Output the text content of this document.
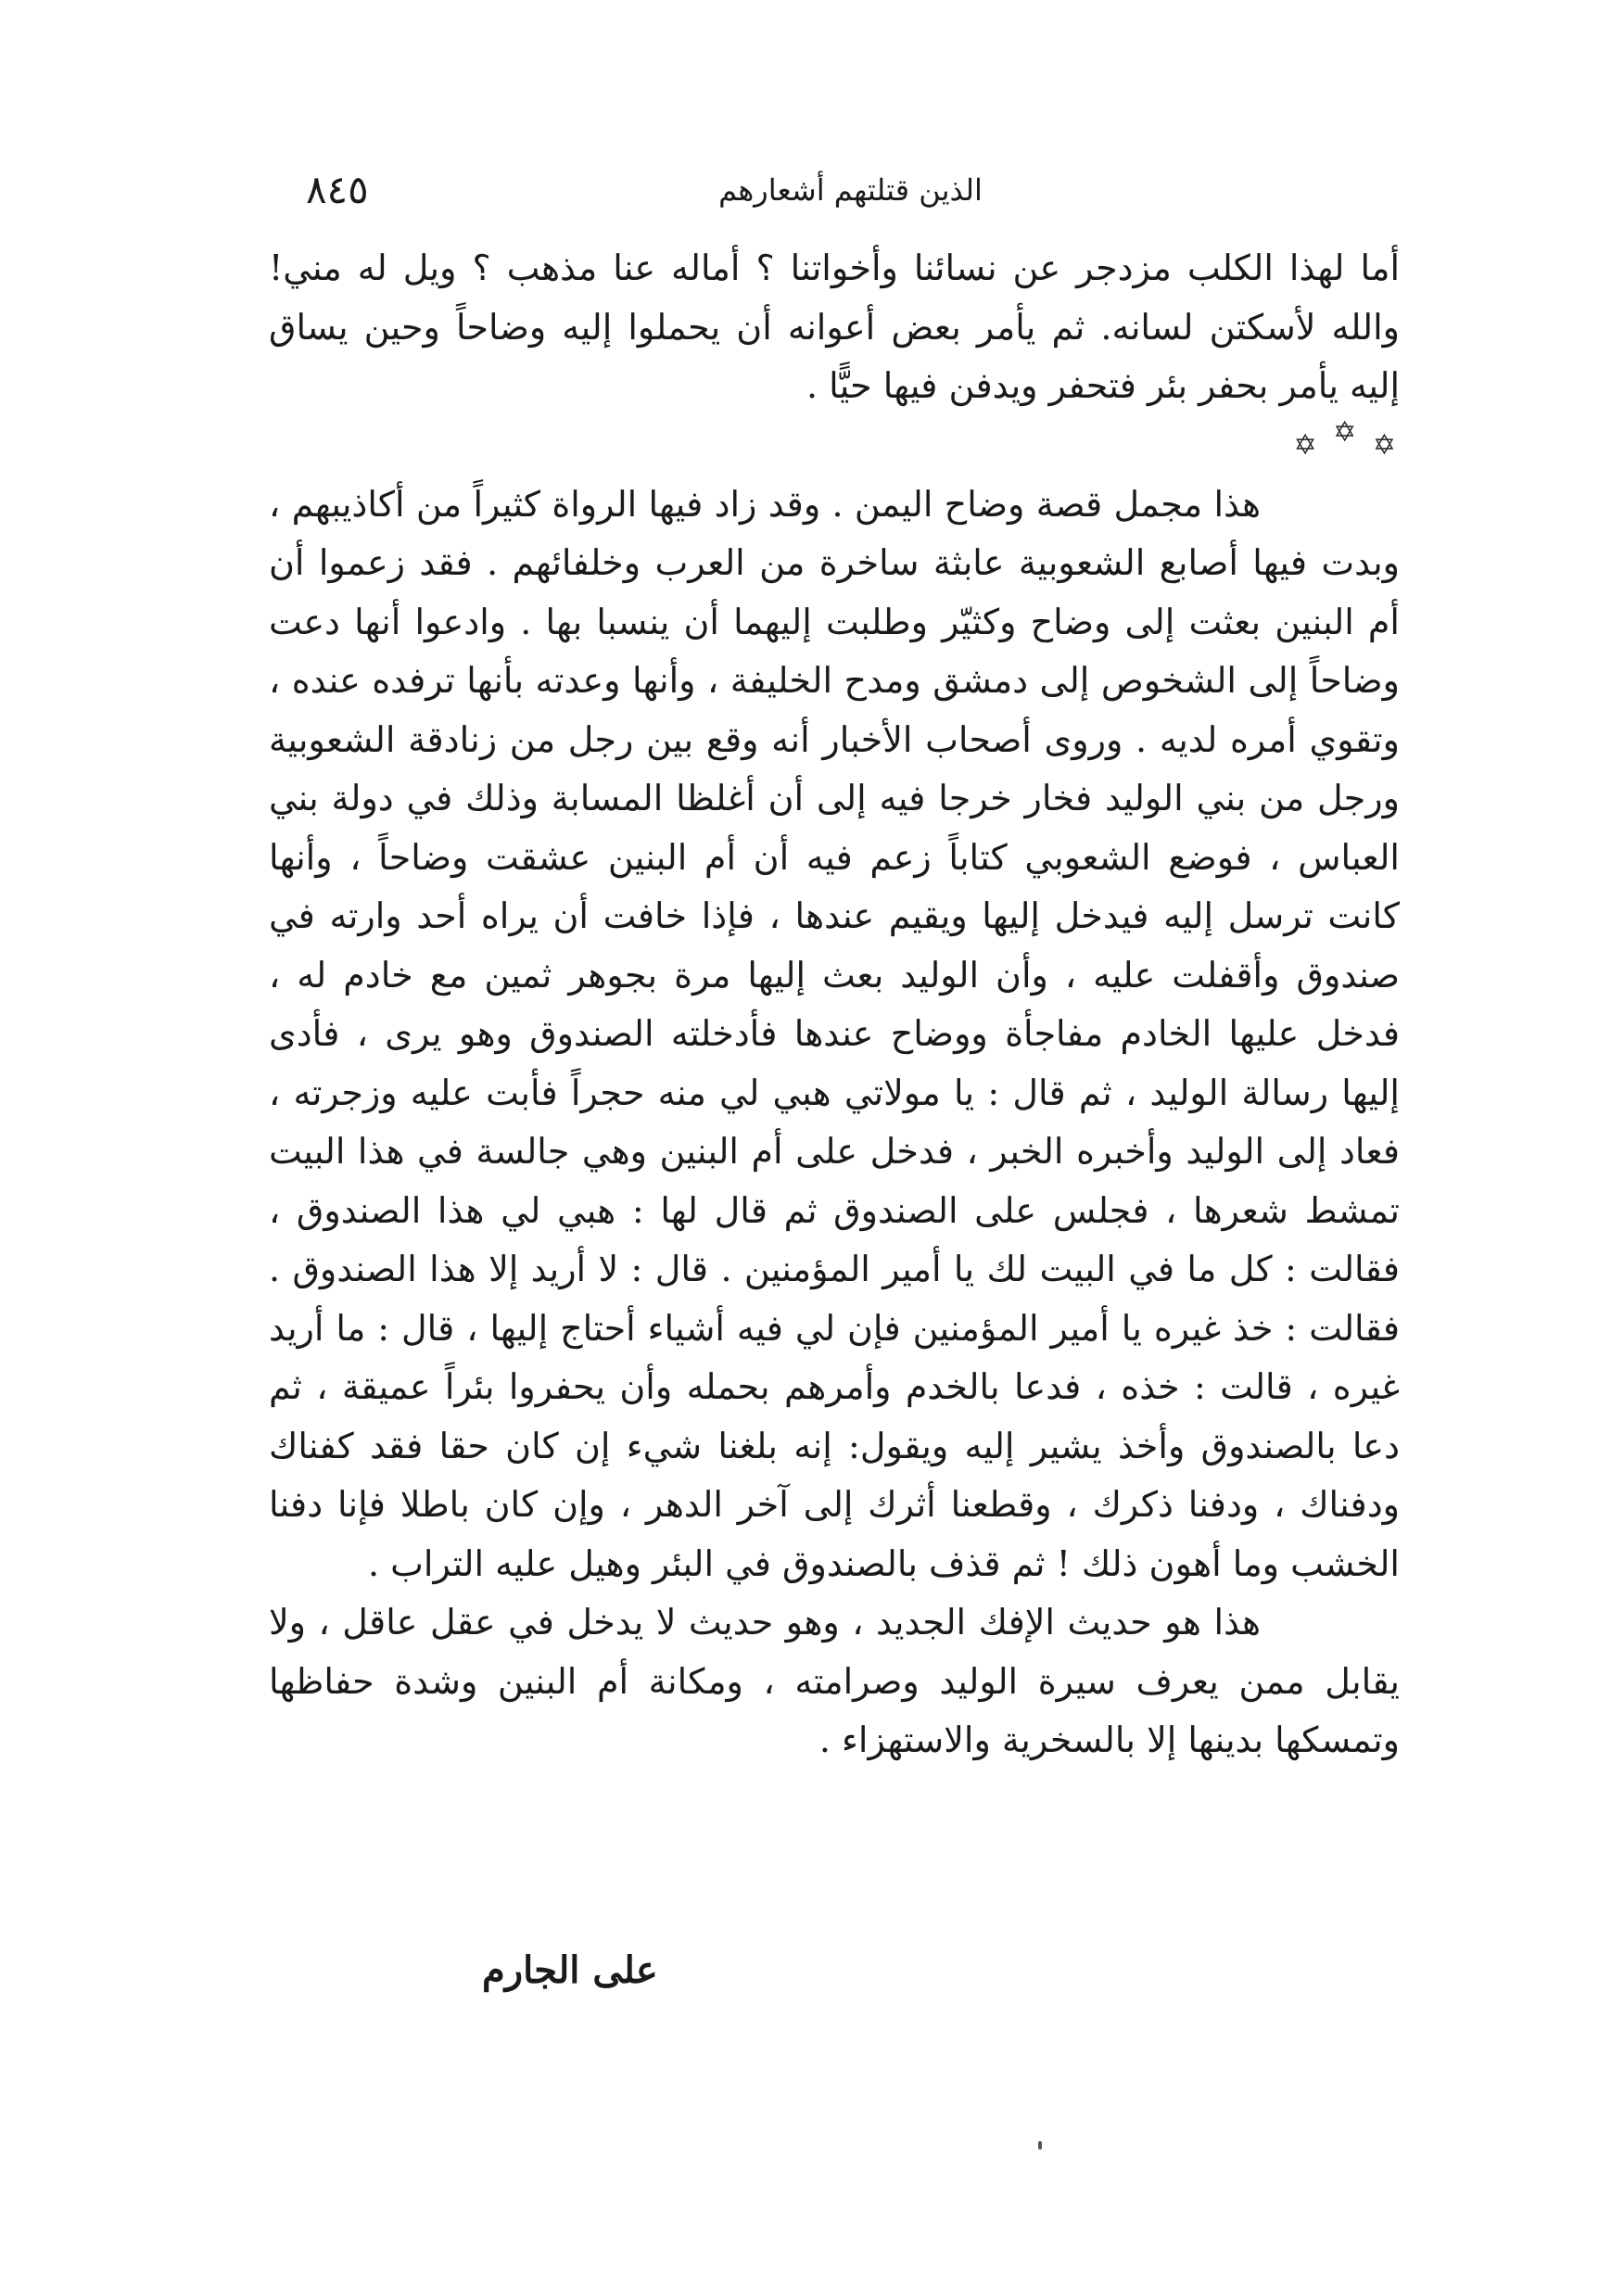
٨٤٥	الذين قتلتهم أشعارهم

أما لهذا الكلب مزدجر عن نسائنا وأخواتنا ؟ أماله عنا مذهب ؟ ويل له مني! والله لأسكتن لسانه. ثم يأمر بعض أعوانه أن يحملوا إليه وضاحاً وحين يساق إليه يأمر بحفر بئر فتحفر ويدفن فيها حيًّا .

✡ ✡ ✡

هذا مجمل قصة وضاح اليمن . وقد زاد فيها الرواة كثيراً من أكاذيبهم ، وبدت فيها أصابع الشعوبية عابثة ساخرة من العرب وخلفائهم . فقد زعموا أن أم البنين بعثت إلى وضاح وكثيّر وطلبت إليهما أن ينسبا بها . وادعوا أنها دعت وضاحاً إلى الشخوص إلى دمشق ومدح الخليفة ، وأنها وعدته بأنها ترفده عنده ، وتقوي أمره لديه . وروى أصحاب الأخبار أنه وقع بين رجل من زنادقة الشعوبية ورجل من بني الوليد فخار خرجا فيه إلى أن أغلظا المسابة وذلك في دولة بني العباس ، فوضع الشعوبي كتاباً زعم فيه أن أم البنين عشقت وضاحاً ، وأنها كانت ترسل إليه فيدخل إليها ويقيم عندها ، فإذا خافت أن يراه أحد وارته في صندوق وأقفلت عليه ، وأن الوليد بعث إليها مرة بجوهر ثمين مع خادم له ، فدخل عليها الخادم مفاجأة ووضاح عندها فأدخلته الصندوق وهو يرى ، فأدى إليها رسالة الوليد ، ثم قال : يا مولاتي هبي لي منه حجراً فأبت عليه وزجرته ، فعاد إلى الوليد وأخبره الخبر ، فدخل على أم البنين وهي جالسة في هذا البيت تمشط شعرها ، فجلس على الصندوق ثم قال لها : هبي لي هذا الصندوق ، فقالت : كل ما في البيت لك يا أمير المؤمنين . قال : لا أريد إلا هذا الصندوق . فقالت : خذ غيره يا أمير المؤمنين فإن لي فيه أشياء أحتاج إليها ، قال : ما أريد غيره ، قالت : خذه ، فدعا بالخدم وأمرهم بحمله وأن يحفروا بئراً عميقة ، ثم دعا بالصندوق وأخذ يشير إليه ويقول: إنه بلغنا شيء إن كان حقا فقد كفناك ودفناك ، ودفنا ذكرك ، وقطعنا أثرك إلى آخر الدهر ، وإن كان باطلا فإنا دفنا الخشب وما أهون ذلك ! ثم قذف بالصندوق في البئر وهيل عليه التراب .

هذا هو حديث الإفك الجديد ، وهو حديث لا يدخل في عقل عاقل ، ولا يقابل ممن يعرف سيرة الوليد وصرامته ، ومكانة أم البنين وشدة حفاظها وتمسكها بدينها إلا بالسخرية والاستهزاء .

على الجارم
